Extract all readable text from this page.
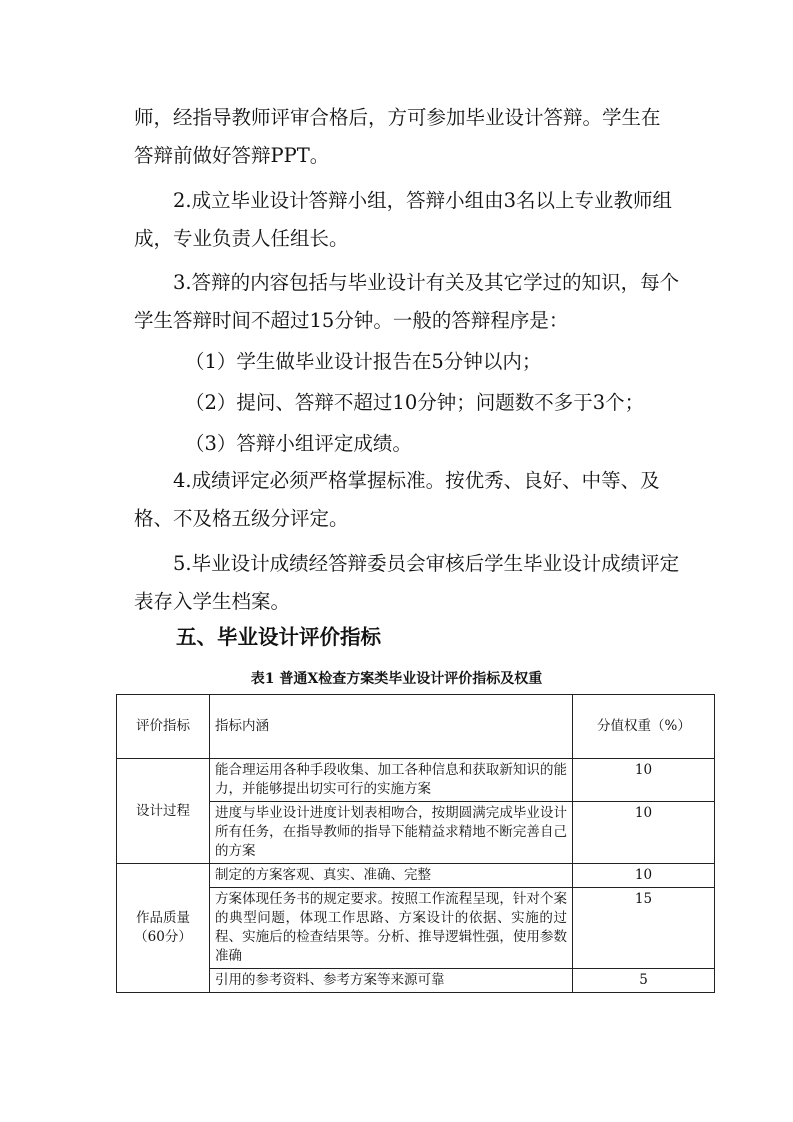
师，经指导教师评审合格后，方可参加毕业设计答辩。学生在
答辩前做好答辩PPT。

2.成立毕业设计答辩小组，答辩小组由3名以上专业教师组成，专业负责人任组长。

3.答辩的内容包括与毕业设计有关及其它学过的知识，每个学生答辩时间不超过15分钟。一般的答辩程序是：

（1）学生做毕业设计报告在5分钟以内；

（2）提问、答辩不超过10分钟；问题数不多于3个；

（3）答辩小组评定成绩。

4.成绩评定必须严格掌握标准。按优秀、良好、中等、及格、不及格五级分评定。

5.毕业设计成绩经答辩委员会审核后学生毕业设计成绩评定表存入学生档案。

五、毕业设计评价指标

表1 普通X检查方案类毕业设计评价指标及权重

评价指标	指标内涵	分值权重（%）
设计过程	能合理运用各种手段收集、加工各种信息和获取新知识的能力，并能够提出切实可行的实施方案	10
	进度与毕业设计进度计划表相吻合，按期圆满完成毕业设计所有任务，在指导教师的指导下能精益求精地不断完善自己的方案	10
作品质量（60分）	制定的方案客观、真实、准确、完整	10
	方案体现任务书的规定要求。按照工作流程呈现，针对个案的典型问题，体现工作思路、方案设计的依据、实施的过程、实施后的检查结果等。分析、推导逻辑性强，使用参数准确	15
	引用的参考资料、参考方案等来源可靠	5
